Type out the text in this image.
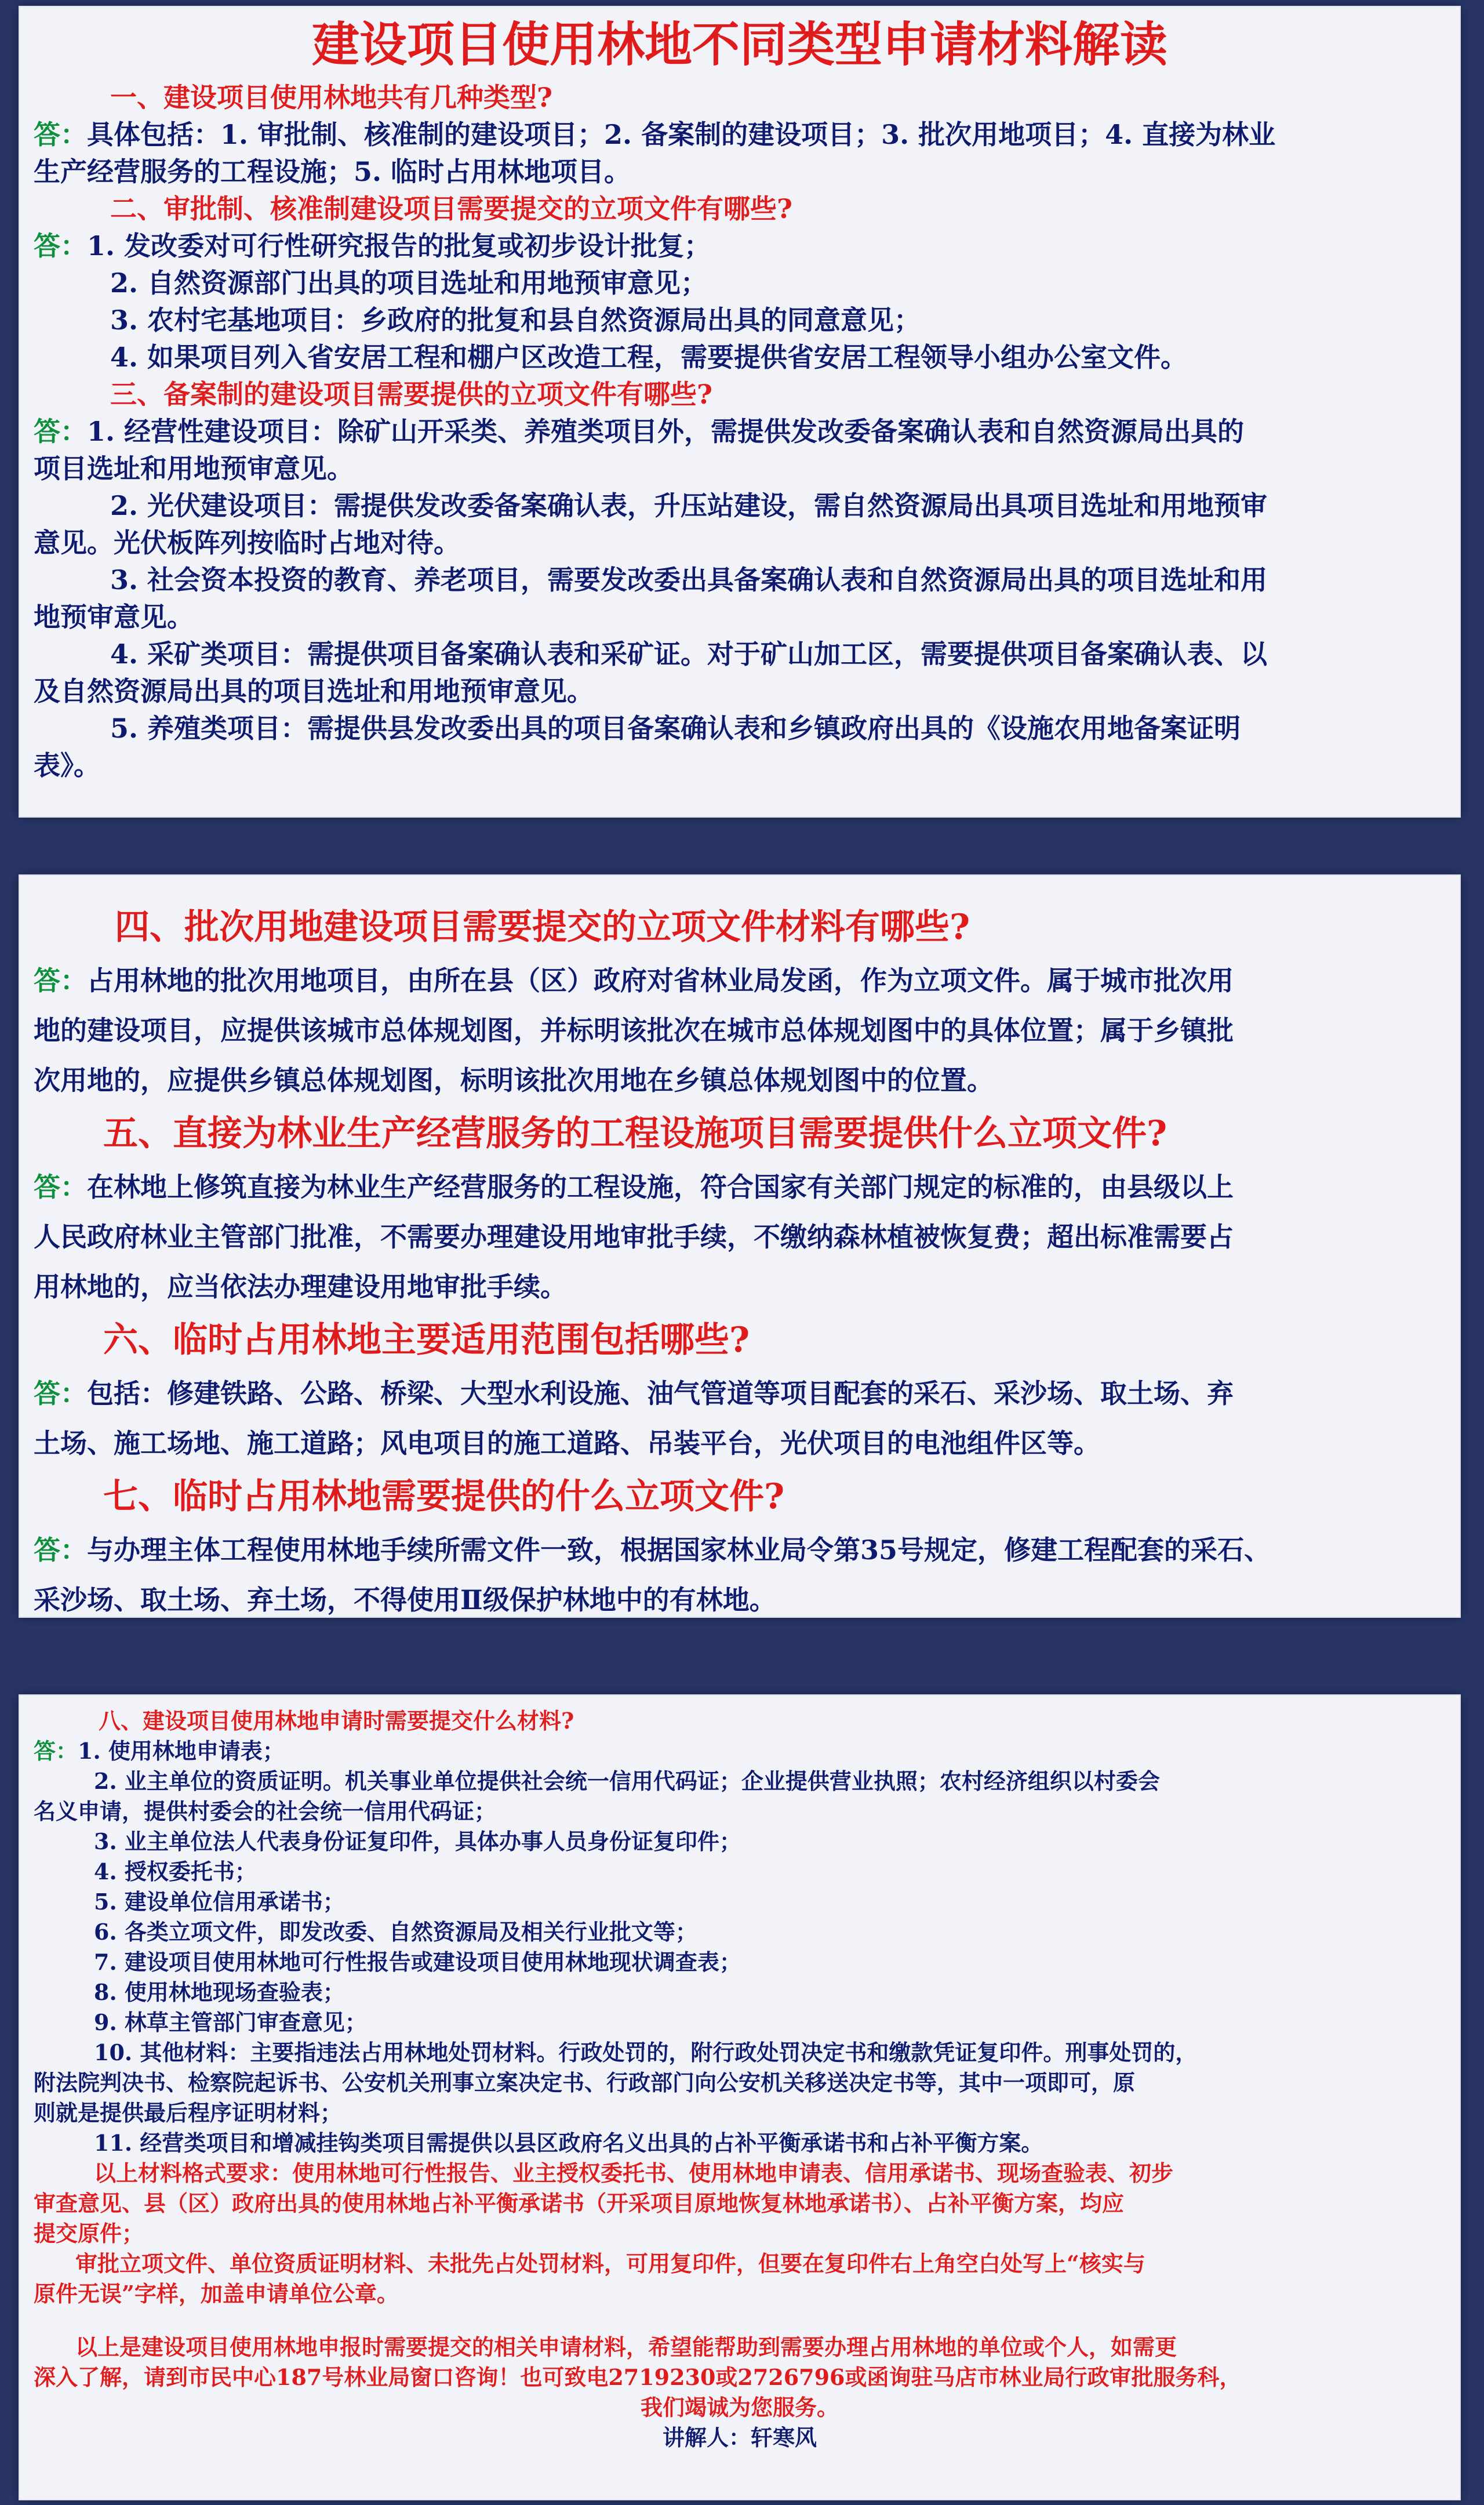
建设项目使用林地不同类型申请材料解读
一、建设项目使用林地共有几种类型?
答：具体包括：1. 审批制、核准制的建设项目；2. 备案制的建设项目；3. 批次用地项目；4. 直接为林业
生产经营服务的工程设施；5. 临时占用林地项目。
二、审批制、核准制建设项目需要提交的立项文件有哪些?
答：1. 发改委对可行性研究报告的批复或初步设计批复；
2. 自然资源部门出具的项目选址和用地预审意见；
3. 农村宅基地项目：乡政府的批复和县自然资源局出具的同意意见；
4. 如果项目列入省安居工程和棚户区改造工程，需要提供省安居工程领导小组办公室文件。
三、备案制的建设项目需要提供的立项文件有哪些?
答：1. 经营性建设项目：除矿山开采类、养殖类项目外，需提供发改委备案确认表和自然资源局出具的
项目选址和用地预审意见。
2. 光伏建设项目：需提供发改委备案确认表，升压站建设，需自然资源局出具项目选址和用地预审
意见。光伏板阵列按临时占地对待。
3. 社会资本投资的教育、养老项目，需要发改委出具备案确认表和自然资源局出具的项目选址和用
地预审意见。
4. 采矿类项目：需提供项目备案确认表和采矿证。对于矿山加工区，需要提供项目备案确认表、以
及自然资源局出具的项目选址和用地预审意见。
5. 养殖类项目：需提供县发改委出具的项目备案确认表和乡镇政府出具的《设施农用地备案证明
表》。
四、批次用地建设项目需要提交的立项文件材料有哪些?
答：占用林地的批次用地项目，由所在县（区）政府对省林业局发函，作为立项文件。属于城市批次用
地的建设项目，应提供该城市总体规划图，并标明该批次在城市总体规划图中的具体位置；属于乡镇批
次用地的，应提供乡镇总体规划图，标明该批次用地在乡镇总体规划图中的位置。
五、直接为林业生产经营服务的工程设施项目需要提供什么立项文件?
答：在林地上修筑直接为林业生产经营服务的工程设施，符合国家有关部门规定的标准的，由县级以上
人民政府林业主管部门批准，不需要办理建设用地审批手续，不缴纳森林植被恢复费；超出标准需要占
用林地的，应当依法办理建设用地审批手续。
六、临时占用林地主要适用范围包括哪些?
答：包括：修建铁路、公路、桥梁、大型水利设施、油气管道等项目配套的采石、采沙场、取土场、弃
土场、施工场地、施工道路；风电项目的施工道路、吊装平台，光伏项目的电池组件区等。
七、临时占用林地需要提供的什么立项文件?
答：与办理主体工程使用林地手续所需文件一致，根据国家林业局令第35号规定，修建工程配套的采石、
采沙场、取土场、弃土场，不得使用Ⅱ级保护林地中的有林地。
八、建设项目使用林地申请时需要提交什么材料?
答：1. 使用林地申请表；
2. 业主单位的资质证明。机关事业单位提供社会统一信用代码证；企业提供营业执照；农村经济组织以村委会
名义申请，提供村委会的社会统一信用代码证；
3. 业主单位法人代表身份证复印件，具体办事人员身份证复印件；
4. 授权委托书；
5. 建设单位信用承诺书；
6. 各类立项文件，即发改委、自然资源局及相关行业批文等；
7. 建设项目使用林地可行性报告或建设项目使用林地现状调查表；
8. 使用林地现场查验表；
9. 林草主管部门审查意见；
10. 其他材料：主要指违法占用林地处罚材料。行政处罚的，附行政处罚决定书和缴款凭证复印件。刑事处罚的，
附法院判决书、检察院起诉书、公安机关刑事立案决定书、行政部门向公安机关移送决定书等，其中一项即可，原
则就是提供最后程序证明材料；
11. 经营类项目和增减挂钩类项目需提供以县区政府名义出具的占补平衡承诺书和占补平衡方案。
以上材料格式要求：使用林地可行性报告、业主授权委托书、使用林地申请表、信用承诺书、现场查验表、初步
审查意见、县（区）政府出具的使用林地占补平衡承诺书（开采项目原地恢复林地承诺书）、占补平衡方案，均应
提交原件；
审批立项文件、单位资质证明材料、未批先占处罚材料，可用复印件，但要在复印件右上角空白处写上“核实与
原件无误”字样，加盖申请单位公章。
以上是建设项目使用林地申报时需要提交的相关申请材料，希望能帮助到需要办理占用林地的单位或个人，如需更
深入了解，请到市民中心187号林业局窗口咨询！也可致电2719230或2726796或函询驻马店市林业局行政审批服务科，
我们竭诚为您服务。
讲解人：轩寒风
